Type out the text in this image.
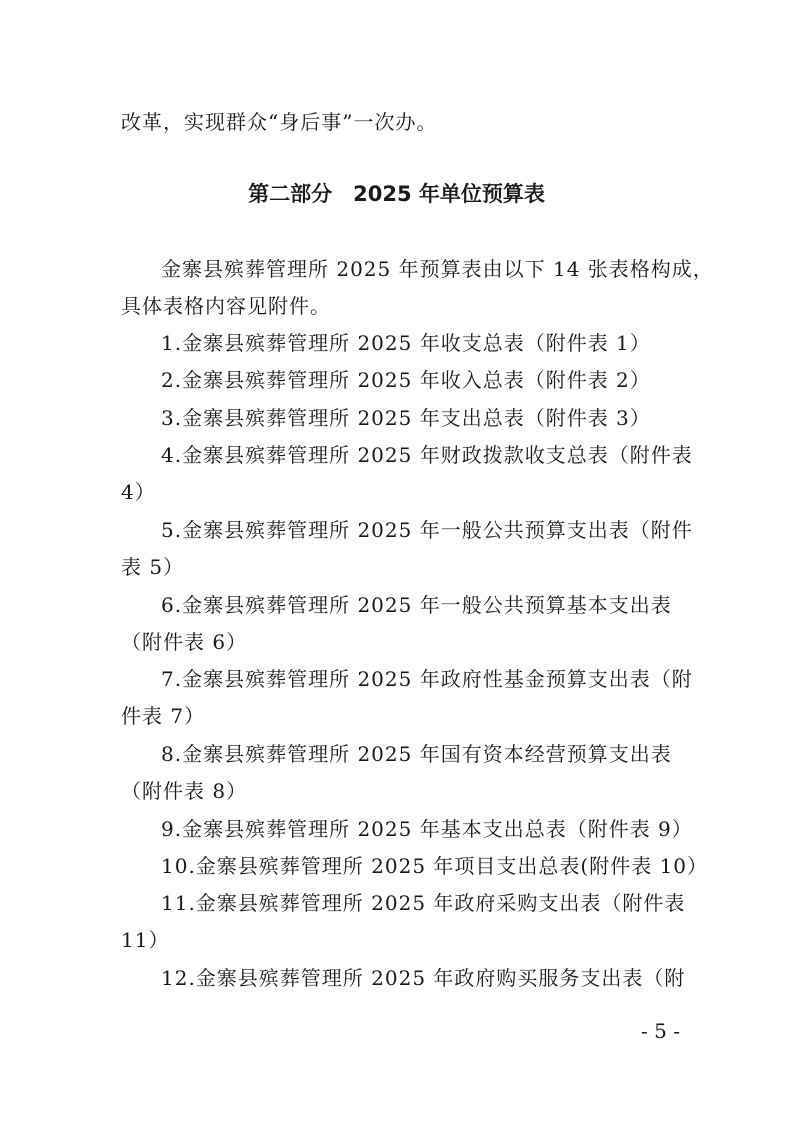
改革，实现群众“身后事”一次办。
第二部分　2025 年单位预算表
金寨县殡葬管理所 2025 年预算表由以下 14 张表格构成，
具体表格内容见附件。
1.金寨县殡葬管理所 2025 年收支总表（附件表 1）
2.金寨县殡葬管理所 2025 年收入总表（附件表 2）
3.金寨县殡葬管理所 2025 年支出总表（附件表 3）
4.金寨县殡葬管理所 2025 年财政拨款收支总表（附件表
4）
5.金寨县殡葬管理所 2025 年一般公共预算支出表（附件
表 5）
6.金寨县殡葬管理所 2025 年一般公共预算基本支出表
（附件表 6）
7.金寨县殡葬管理所 2025 年政府性基金预算支出表（附
件表 7）
8.金寨县殡葬管理所 2025 年国有资本经营预算支出表
（附件表 8）
9.金寨县殡葬管理所 2025 年基本支出总表（附件表 9）
10.金寨县殡葬管理所 2025 年项目支出总表(附件表 10）
11.金寨县殡葬管理所 2025 年政府采购支出表（附件表
11）
12.金寨县殡葬管理所 2025 年政府购买服务支出表（附
- 5 -
